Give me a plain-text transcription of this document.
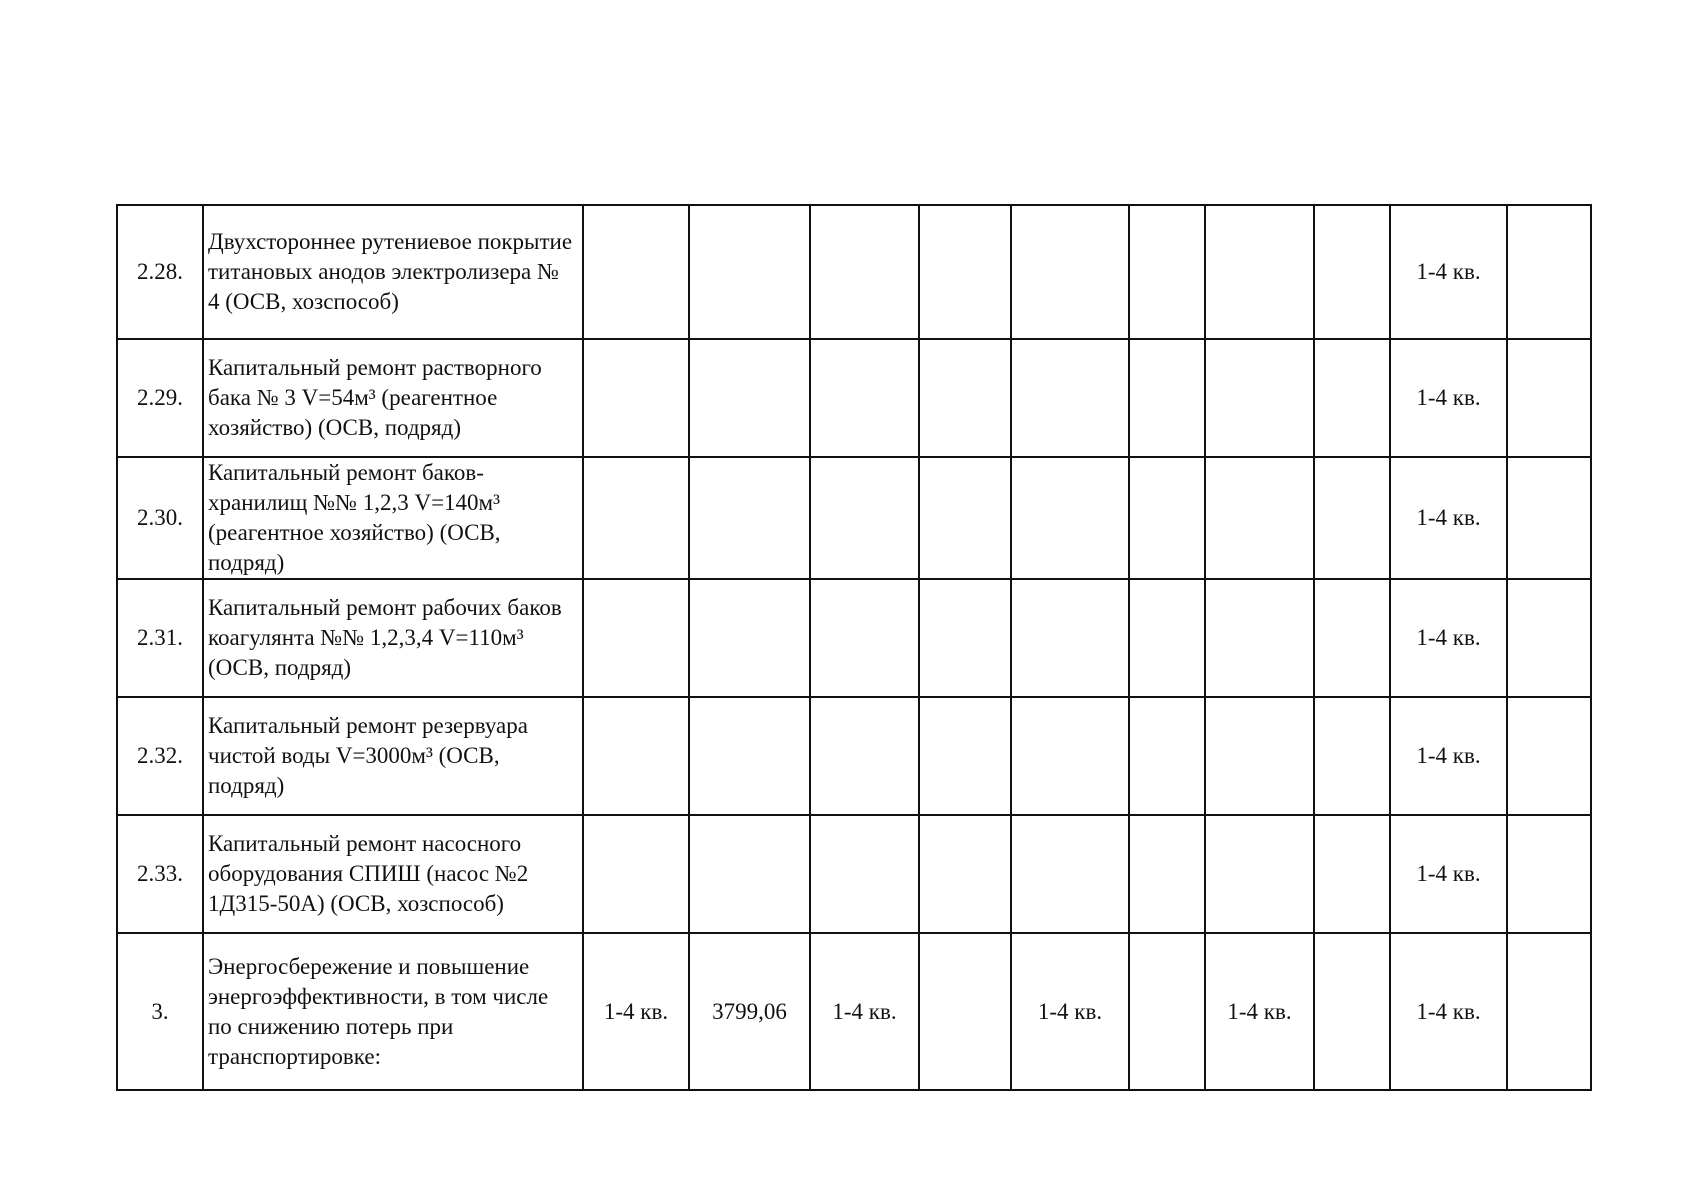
2.28.	Двухстороннее рутениевое покрытие титановых анодов электролизера № 4 (ОСВ, хозспособ)									1-4 кв.	
2.29.	Капитальный ремонт растворного бака № 3 V=54м³ (реагентное хозяйство) (ОСВ, подряд)									1-4 кв.	
2.30.	Капитальный ремонт баков-хранилищ №№ 1,2,3 V=140м³ (реагентное хозяйство) (ОСВ, подряд)									1-4 кв.	
2.31.	Капитальный ремонт рабочих баков коагулянта №№ 1,2,3,4 V=110м³ (ОСВ, подряд)									1-4 кв.	
2.32.	Капитальный ремонт резервуара чистой воды V=3000м³ (ОСВ, подряд)									1-4 кв.	
2.33.	Капитальный ремонт насосного оборудования СПИШ (насос №2 1Д315-50А) (ОСВ, хозспособ)									1-4 кв.	
3.	Энергосбережение и повышение энергоэффективности, в том числе по снижению потерь при транспортировке:	1-4 кв.	3799,06	1-4 кв.		1-4 кв.		1-4 кв.		1-4 кв.	
